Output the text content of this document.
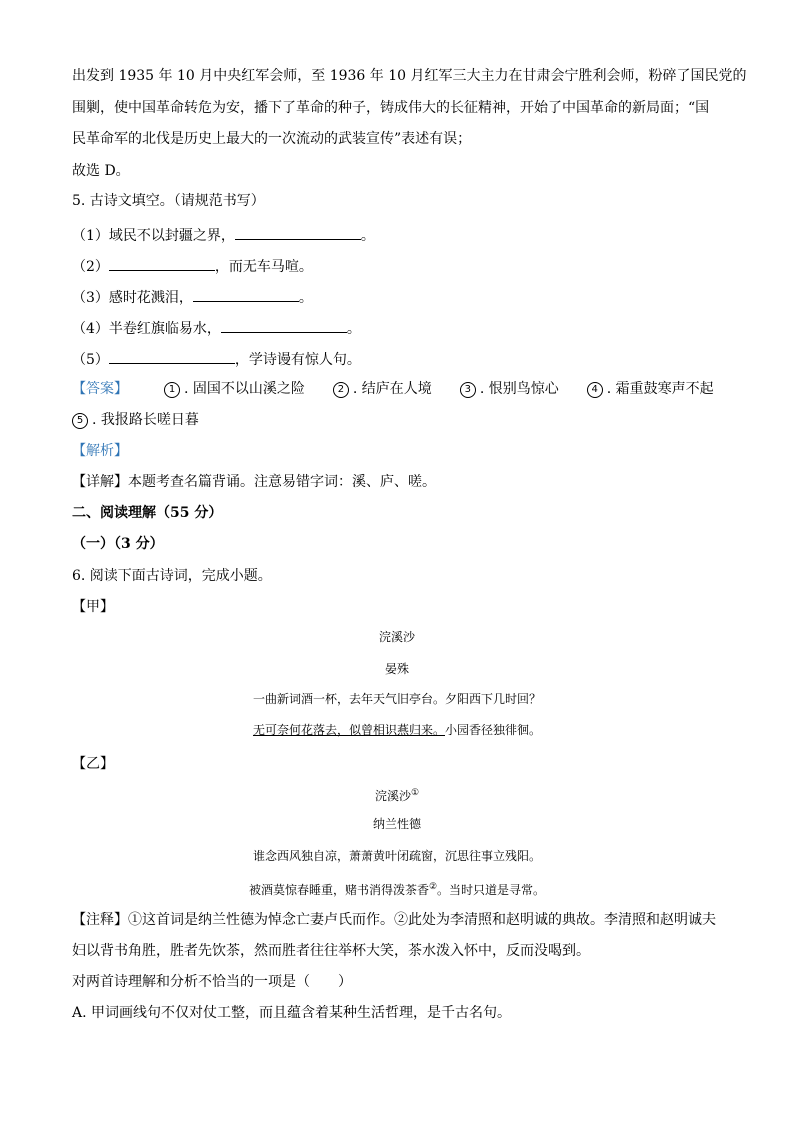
出发到 1935 年 10 月中央红军会师，至 1936 年 10 月红军三大主力在甘肃会宁胜利会师，粉碎了国民党的
围剿，使中国革命转危为安，播下了革命的种子，铸成伟大的长征精神，开始了中国革命的新局面；“国
民革命军的北伐是历史上最大的一次流动的武装宣传”表述有误；
故选 D。
5. 古诗文填空。（请规范书写）
（1）域民不以封疆之界，	。
（2）	，而无车马喧。
（3）感时花溅泪，	。
（4）半卷红旗临易水，	。
（5）	，学诗谩有惊人句。
【答案】	1 . 固国不以山溪之险	2 . 结庐在人境	3 . 恨别鸟惊心	4 . 霜重鼓寒声不起
5 . 我报路长嗟日暮
【解析】
【详解】本题考查名篇背诵。注意易错字词：溪、庐、嗟。
二、阅读理解（55 分）
（一）（3 分）
6. 阅读下面古诗词，完成小题。
【甲】
浣溪沙
晏殊
一曲新词酒一杯，去年天气旧亭台。夕阳西下几时回？
无可奈何花落去，似曾相识燕归来。小园香径独徘徊。
【乙】
浣溪沙①
纳兰性德
谁念西风独自凉，萧萧黄叶闭疏窗，沉思往事立残阳。
被酒莫惊春睡重，赌书消得泼茶香②。当时只道是寻常。
【注释】①这首词是纳兰性德为悼念亡妻卢氏而作。②此处为李清照和赵明诚的典故。李清照和赵明诚夫
妇以背书角胜，胜者先饮茶，然而胜者往往举杯大笑，茶水泼入怀中，反而没喝到。
对两首诗理解和分析不恰当的一项是（　　）
A. 甲词画线句不仅对仗工整，而且蕴含着某种生活哲理，是千古名句。
